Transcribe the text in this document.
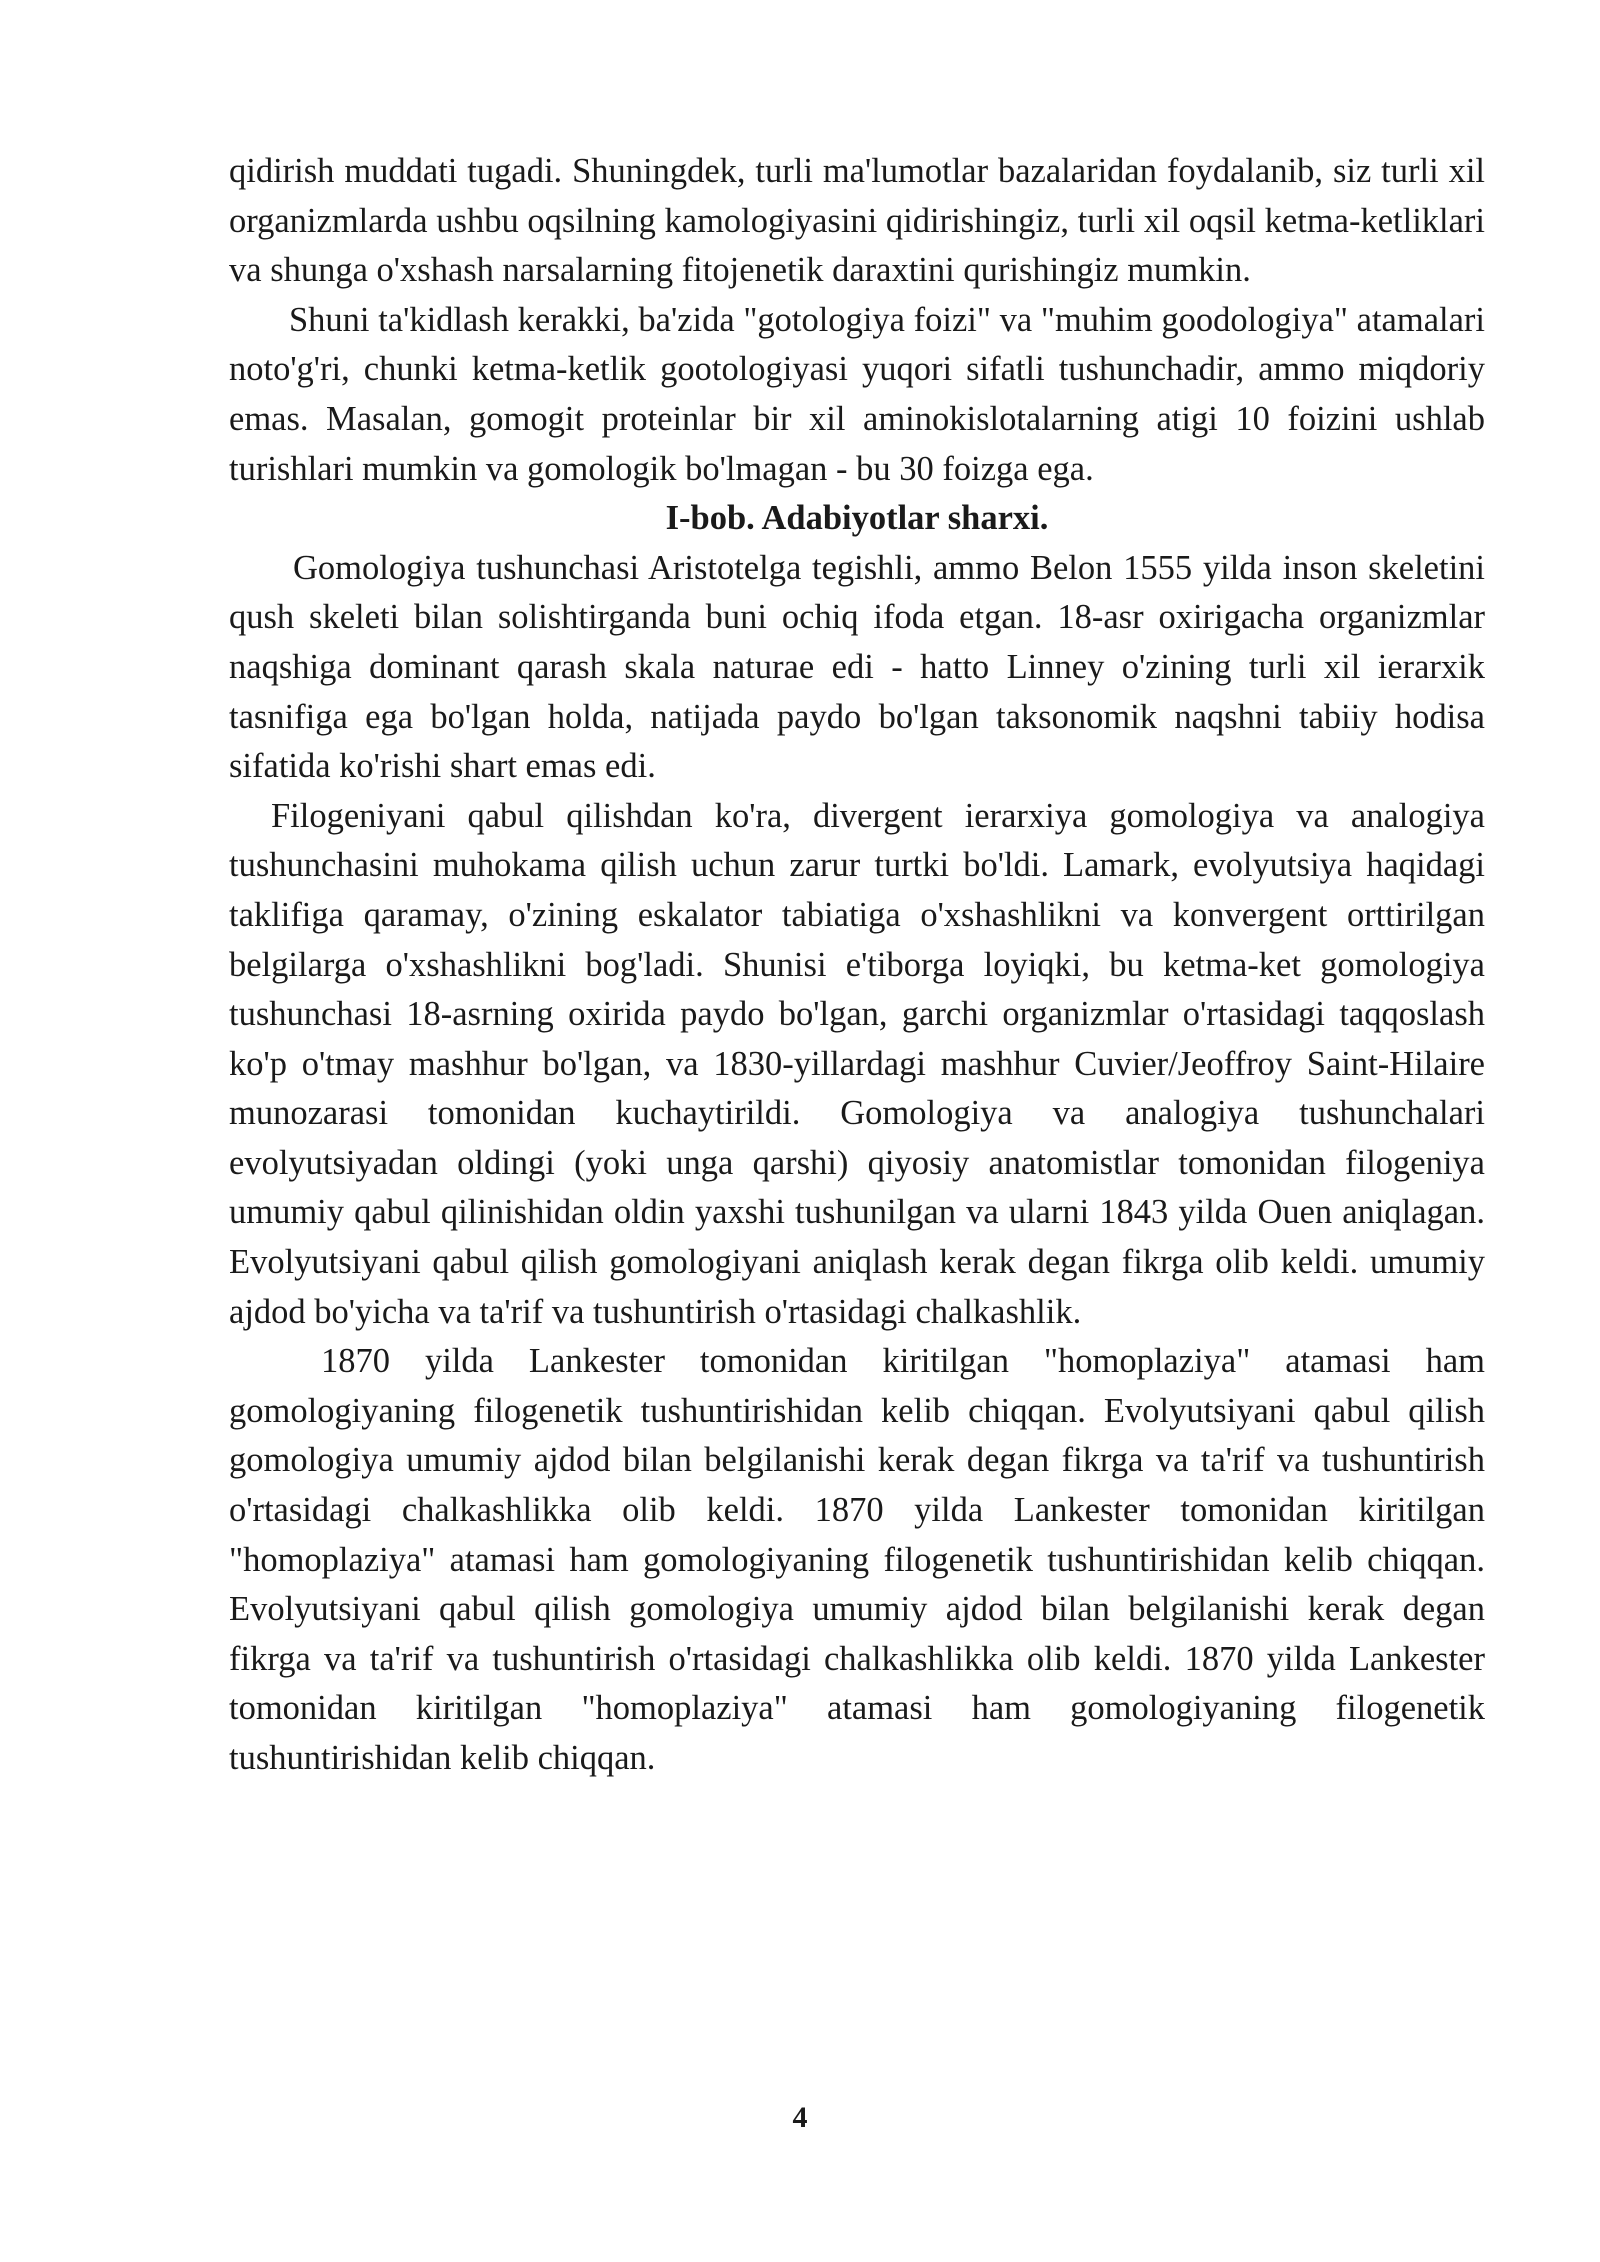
qidirish muddati tugadi. Shuningdek, turli ma'lumotlar bazalaridan foydalanib, siz turli xil organizmlarda ushbu oqsilning kamologiyasini qidirishingiz, turli xil oqsil ketma-ketliklari va shunga o'xshash narsalarning fitojenetik daraxtini qurishingiz mumkin.

Shuni ta'kidlash kerakki, ba'zida "gotologiya foizi" va "muhim goodologiya" atamalari noto'g'ri, chunki ketma-ketlik gootologiyasi yuqori sifatli tushunchadir, ammo miqdoriy emas. Masalan, gomogit proteinlar bir xil aminokislotalarning atigi 10 foizini ushlab turishlari mumkin va gomologik bo'lmagan - bu 30 foizga ega.

I-bob. Adabiyotlar sharxi.

Gomologiya tushunchasi Aristotelga tegishli, ammo Belon 1555 yilda inson skeletini qush skeleti bilan solishtirganda buni ochiq ifoda etgan. 18-asr oxirigacha organizmlar naqshiga dominant qarash skala naturae edi - hatto Linney o'zining turli xil ierarxik tasnifiga ega bo'lgan holda, natijada paydo bo'lgan taksonomik naqshni tabiiy hodisa sifatida ko'rishi shart emas edi.

Filogeniyani qabul qilishdan ko'ra, divergent ierarxiya gomologiya va analogiya tushunchasini muhokama qilish uchun zarur turtki bo'ldi. Lamark, evolyutsiya haqidagi taklifiga qaramay, o'zining eskalator tabiatiga o'xshashlikni va konvergent orttirilgan belgilarga o'xshashlikni bog'ladi. Shunisi e'tiborga loyiqki, bu ketma-ket gomologiya tushunchasi 18-asrning oxirida paydo bo'lgan, garchi organizmlar o'rtasidagi taqqoslash ko'p o'tmay mashhur bo'lgan, va 1830-yillardagi mashhur Cuvier/Jeoffroy Saint-Hilaire munozarasi tomonidan kuchaytirildi. Gomologiya va analogiya tushunchalari evolyutsiyadan oldingi (yoki unga qarshi) qiyosiy anatomistlar tomonidan filogeniya umumiy qabul qilinishidan oldin yaxshi tushunilgan va ularni 1843 yilda Ouen aniqlagan. Evolyutsiyani qabul qilish gomologiyani aniqlash kerak degan fikrga olib keldi. umumiy ajdod bo'yicha va ta'rif va tushuntirish o'rtasidagi chalkashlik.

1870 yilda Lankester tomonidan kiritilgan "homoplaziya" atamasi ham gomologiyaning filogenetik tushuntirishidan kelib chiqqan. Evolyutsiyani qabul qilish gomologiya umumiy ajdod bilan belgilanishi kerak degan fikrga va ta'rif va tushuntirish o'rtasidagi chalkashlikka olib keldi. 1870 yilda Lankester tomonidan kiritilgan "homoplaziya" atamasi ham gomologiyaning filogenetik tushuntirishidan kelib chiqqan. Evolyutsiyani qabul qilish gomologiya umumiy ajdod bilan belgilanishi kerak degan fikrga va ta'rif va tushuntirish o'rtasidagi chalkashlikka olib keldi. 1870 yilda Lankester tomonidan kiritilgan "homoplaziya" atamasi ham gomologiyaning filogenetik tushuntirishidan kelib chiqqan.

4
